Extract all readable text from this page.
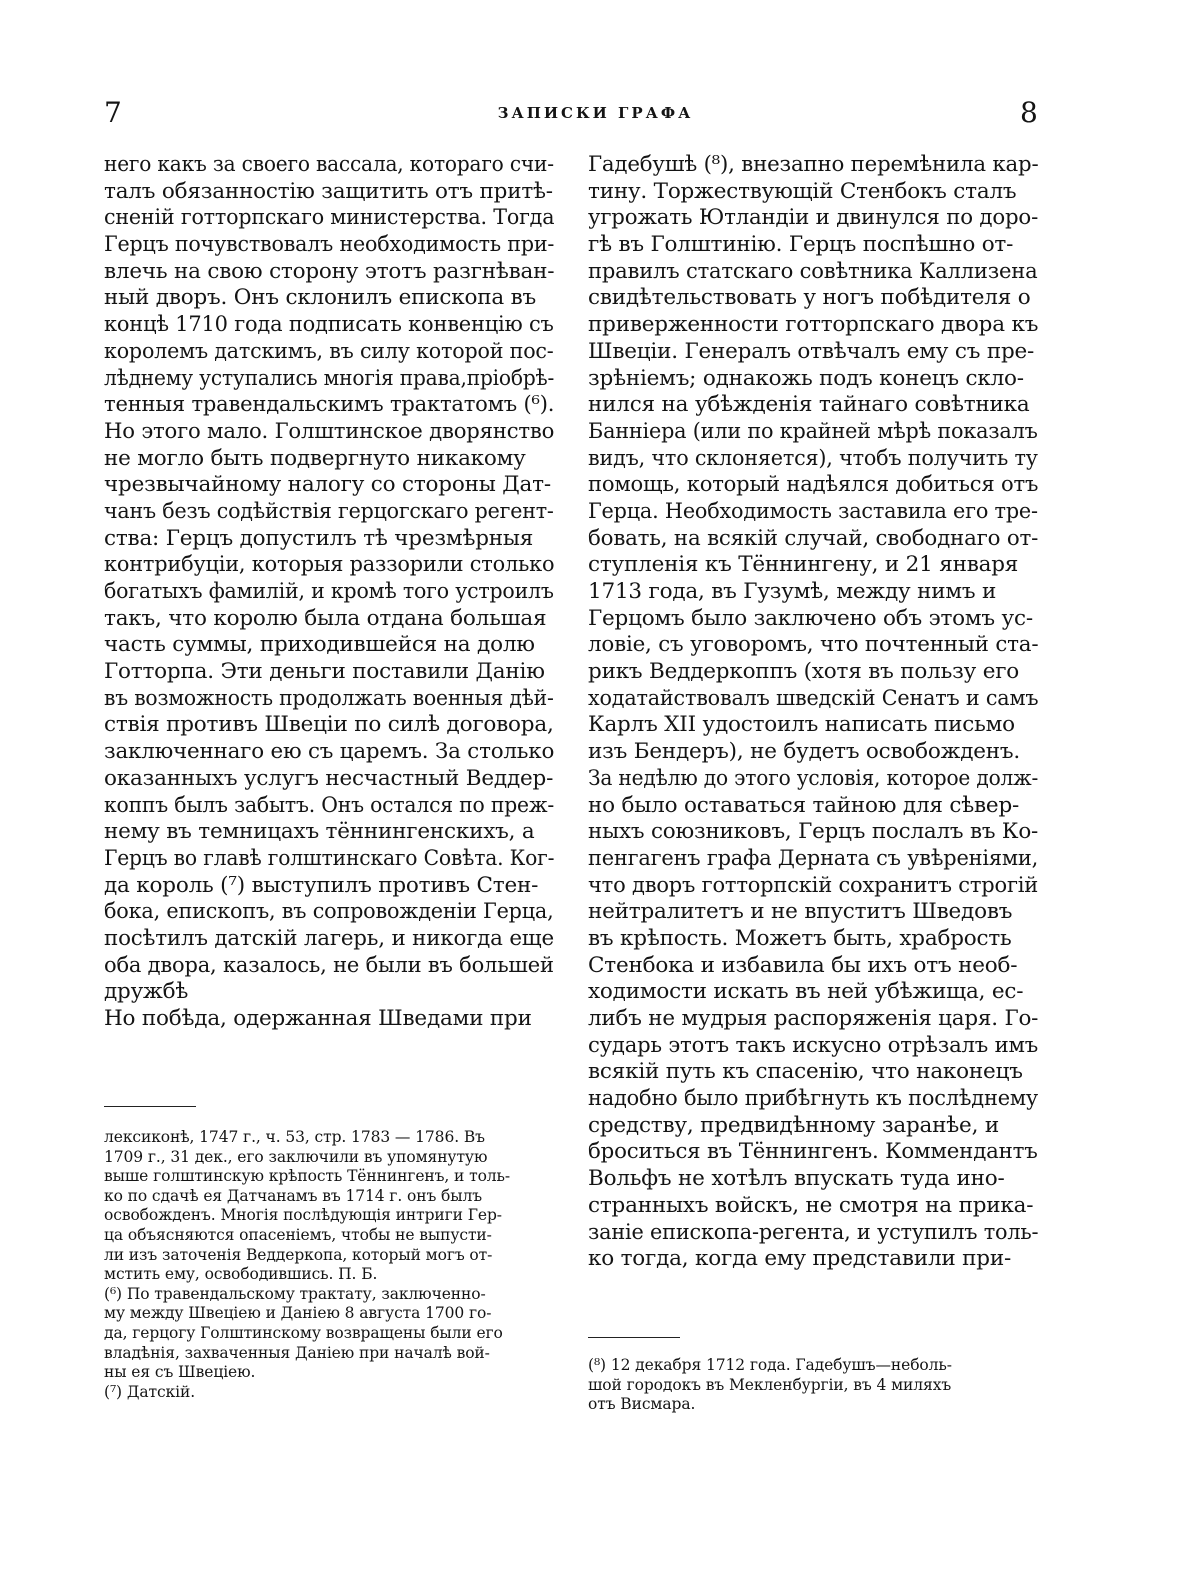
7	ЗАПИСКИ ГРАФА	8
него какъ за своего вассала, котораго счи-
талъ обязанностію защитить отъ притѣ-
сненій готторпскаго министерства. Тогда
Герцъ почувствовалъ необходимость при-
влечь на свою сторону этотъ разгнѣван-
ный дворъ. Онъ склонилъ епископа въ
концѣ 1710 года подписать конвенцію съ
королемъ датскимъ, въ силу которой пос-
лѣднему уступались многія права,пріобрѣ-
тенныя травендальскимъ трактатомъ (⁶).
Но этого мало. Голштинское дворянство
не могло быть подвергнуто никакому
чрезвычайному налогу со стороны Дат-
чанъ безъ содѣйствія герцогскаго регент-
ства: Герцъ допустилъ тѣ чрезмѣрныя
контрибуціи, которыя раззорили столько
богатыхъ фамилій, и кромѣ того устроилъ
такъ, что королю была отдана большая
часть суммы, приходившейся на долю
Готторпа. Эти деньги поставили Данію
въ возможность продолжать военныя дѣй-
ствія противъ Швеціи по силѣ договора,
заключеннаго ею съ царемъ. За столько
оказанныхъ услугъ несчастный Веддер-
коппъ былъ забытъ. Онъ остался по преж-
нему въ темницахъ тённингенскихъ, а
Герцъ во главѣ голштинскаго Совѣта. Ког-
да король (⁷) выступилъ противъ Стен-
бока, епископъ, въ сопровожденіи Герца,
посѣтилъ датскій лагерь, и никогда еще
оба двора, казалось, не были въ большей
дружбѣ
Но побѣда, одержанная Шведами при
Гадебушѣ (⁸), внезапно перемѣнила кар-
тину. Торжествующій Стенбокъ сталъ
угрожать Ютландіи и двинулся по доро-
гѣ въ Голштинію. Герцъ поспѣшно от-
правилъ статскаго совѣтника Каллизена
свидѣтельствовать у ногъ побѣдителя о
приверженности готторпскаго двора къ
Швеціи. Генералъ отвѣчалъ ему съ пре-
зрѣніемъ; однакожь подъ конецъ скло-
нился на убѣжденія тайнаго совѣтника
Банніера (или по крайней мѣрѣ показалъ
видъ, что склоняется), чтобъ получить ту
помощь, который надѣялся добиться отъ
Герца. Необходимость заставила его тре-
бовать, на всякій случай, свободнаго от-
ступленія къ Тённингену, и 21 января
1713 года, въ Гузумѣ, между нимъ и
Герцомъ было заключено объ этомъ ус-
ловіе, съ уговоромъ, что почтенный ста-
рикъ Веддеркоппъ (хотя въ пользу его
ходатайствовалъ шведскій Сенатъ и самъ
Карлъ XII удостоилъ написать письмо
изъ Бендеръ), не будетъ освобожденъ.
За недѣлю до этого условія, которое долж-
но было оставаться тайною для сѣвер-
ныхъ союзниковъ, Герцъ послалъ въ Ко-
пенгагенъ графа Дерната съ увѣреніями,
что дворъ готторпскій сохранитъ строгій
нейтралитетъ и не впуститъ Шведовъ
въ крѣпость. Можетъ быть, храбрость
Стенбока и избавила бы ихъ отъ необ-
ходимости искать въ ней убѣжища, ес-
либъ не мудрыя распоряженія царя. Го-
сударь этотъ такъ искусно отрѣзалъ имъ
всякій путь къ спасенію, что наконецъ
надобно было прибѣгнуть къ послѣднему
средству, предвидѣнному заранѣе, и
броситься въ Тённингенъ. Коммендантъ
Вольфъ не хотѣлъ впускать туда ино-
странныхъ войскъ, не смотря на прика-
заніе епископа-регента, и уступилъ толь-
ко тогда, когда ему представили при-
лексиконѣ, 1747 г., ч. 53, стр. 1783 — 1786. Въ
1709 г., 31 дек., его заключили въ упомянутую
выше голштинскую крѣпость Тённингенъ, и толь-
ко по сдачѣ ея Датчанамъ въ 1714 г. онъ былъ
освобожденъ. Многія послѣдующія интриги Гер-
ца объясняются опасеніемъ, чтобы не выпусти-
ли изъ заточенія Веддеркопа, который могъ от-
мстить ему, освободившись. П. Б.
(⁶) По травендальскому трактату, заключенно-
му между Швеціею и Даніею 8 августа 1700 го-
да, герцогу Голштинскому возвращены были его
владѣнія, захваченныя Даніею при началѣ вой-
ны ея съ Швеціею.
(⁷) Датскій.
(⁸) 12 декабря 1712 года. Гадебушъ—неболь-
шой городокъ въ Мекленбургіи, въ 4 миляхъ
отъ Висмара.
